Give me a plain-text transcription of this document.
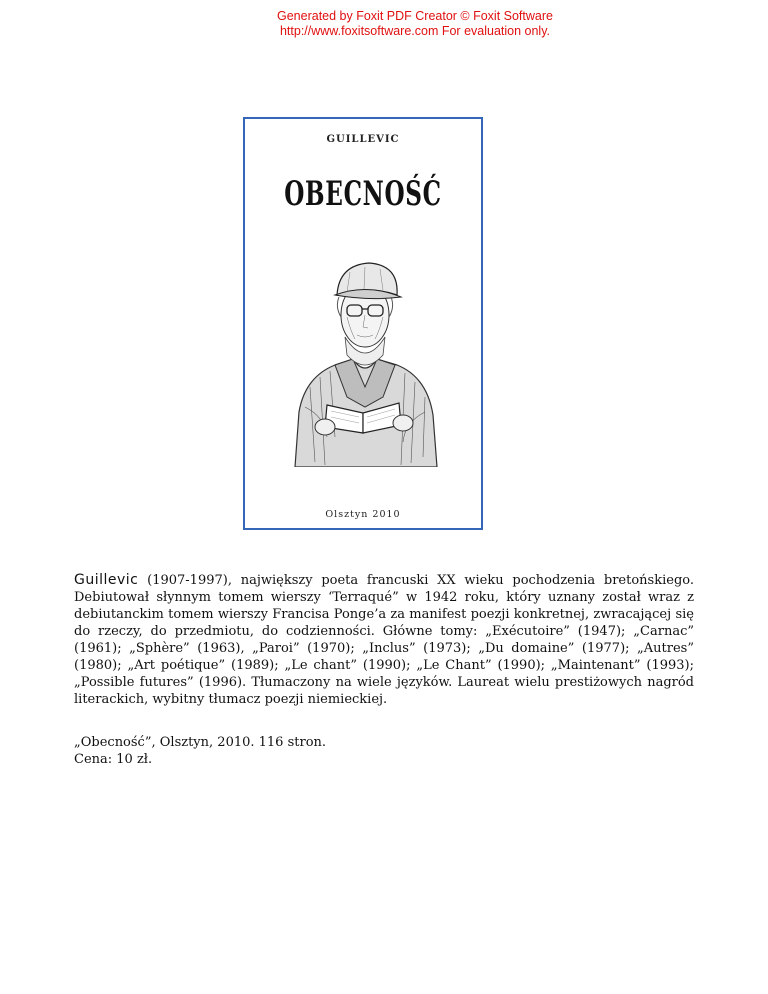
Generated by Foxit PDF Creator © Foxit Software
http://www.foxitsoftware.com For evaluation only.
GUILLEVIC
OBECNOŚĆ
Olsztyn 2010

Guillevic (1907-1997), największy poeta francuski XX wieku pochodzenia bretońskiego. Debiutował słynnym tomem wierszy ‘Terraqué” w 1942 roku, który uznany został wraz z debiutanckim tomem wierszy Francisa Ponge’a za manifest poezji konkretnej, zwracającej się do rzeczy, do przedmiotu, do codzienności. Główne tomy: „Exécutoire” (1947); „Carnac” (1961); „Sphère” (1963), „Paroi” (1970); „Inclus” (1973); „Du domaine” (1977); „Autres” (1980); „Art poétique” (1989); „Le chant” (1990); „Le Chant” (1990); „Maintenant” (1993); „Possible futures” (1996). Tłumaczony na wiele języków. Laureat wielu prestiżowych nagród literackich, wybitny tłumacz poezji niemieckiej.

„Obecność”, Olsztyn, 2010. 116 stron.
Cena: 10 zł.
